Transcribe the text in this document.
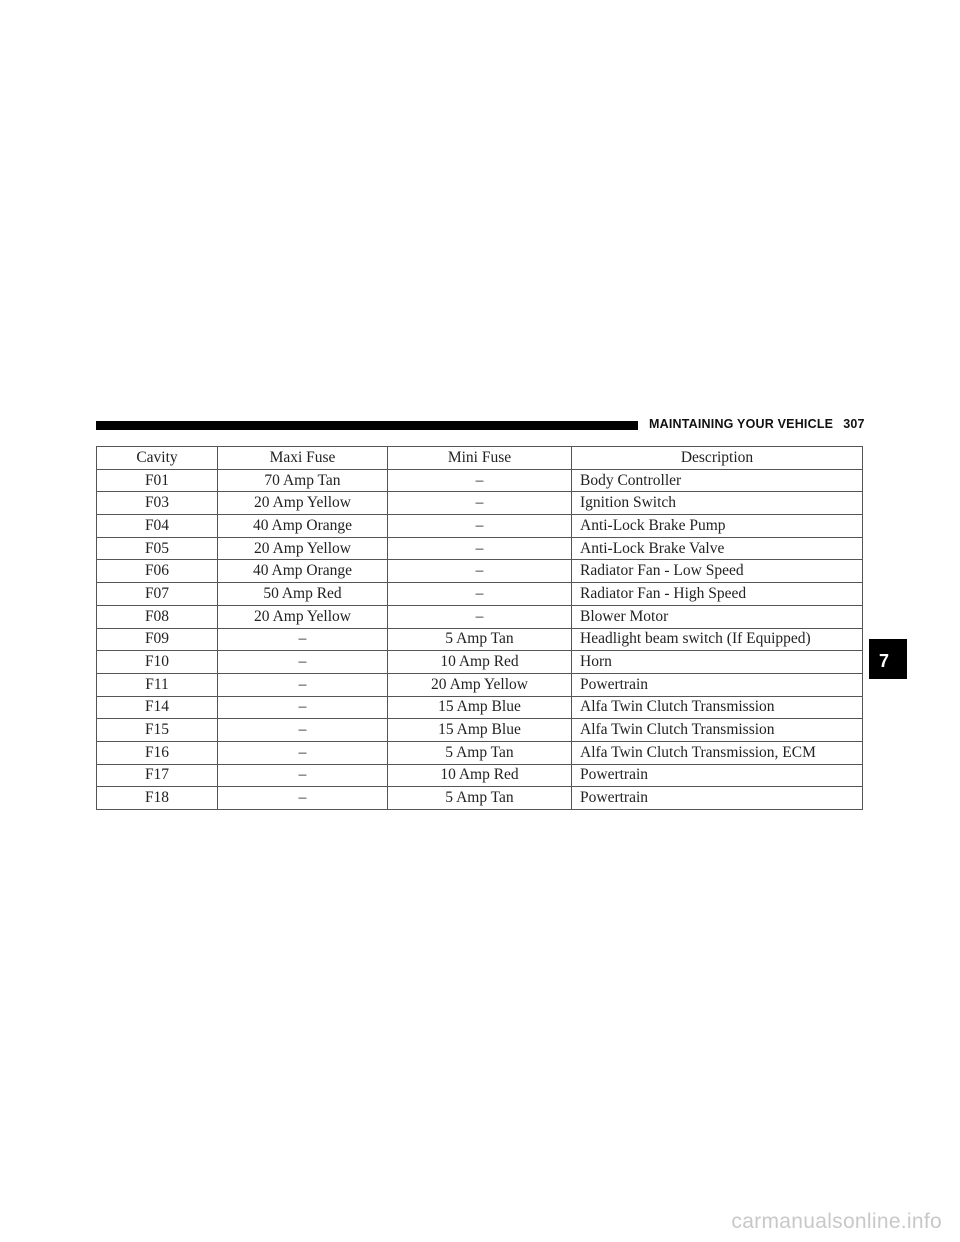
MAINTAINING YOUR VEHICLE 307
Cavity	Maxi Fuse	Mini Fuse	Description
F01	70 Amp Tan	–	Body Controller
F03	20 Amp Yellow	–	Ignition Switch
F04	40 Amp Orange	–	Anti-Lock Brake Pump
F05	20 Amp Yellow	–	Anti-Lock Brake Valve
F06	40 Amp Orange	–	Radiator Fan - Low Speed
F07	50 Amp Red	–	Radiator Fan - High Speed
F08	20 Amp Yellow	–	Blower Motor
F09	–	5 Amp Tan	Headlight beam switch (If Equipped)
F10	–	10 Amp Red	Horn
F11	–	20 Amp Yellow	Powertrain
F14	–	15 Amp Blue	Alfa Twin Clutch Transmission
F15	–	15 Amp Blue	Alfa Twin Clutch Transmission
F16	–	5 Amp Tan	Alfa Twin Clutch Transmission, ECM
F17	–	10 Amp Red	Powertrain
F18	–	5 Amp Tan	Powertrain
7
carmanualsonline.info
